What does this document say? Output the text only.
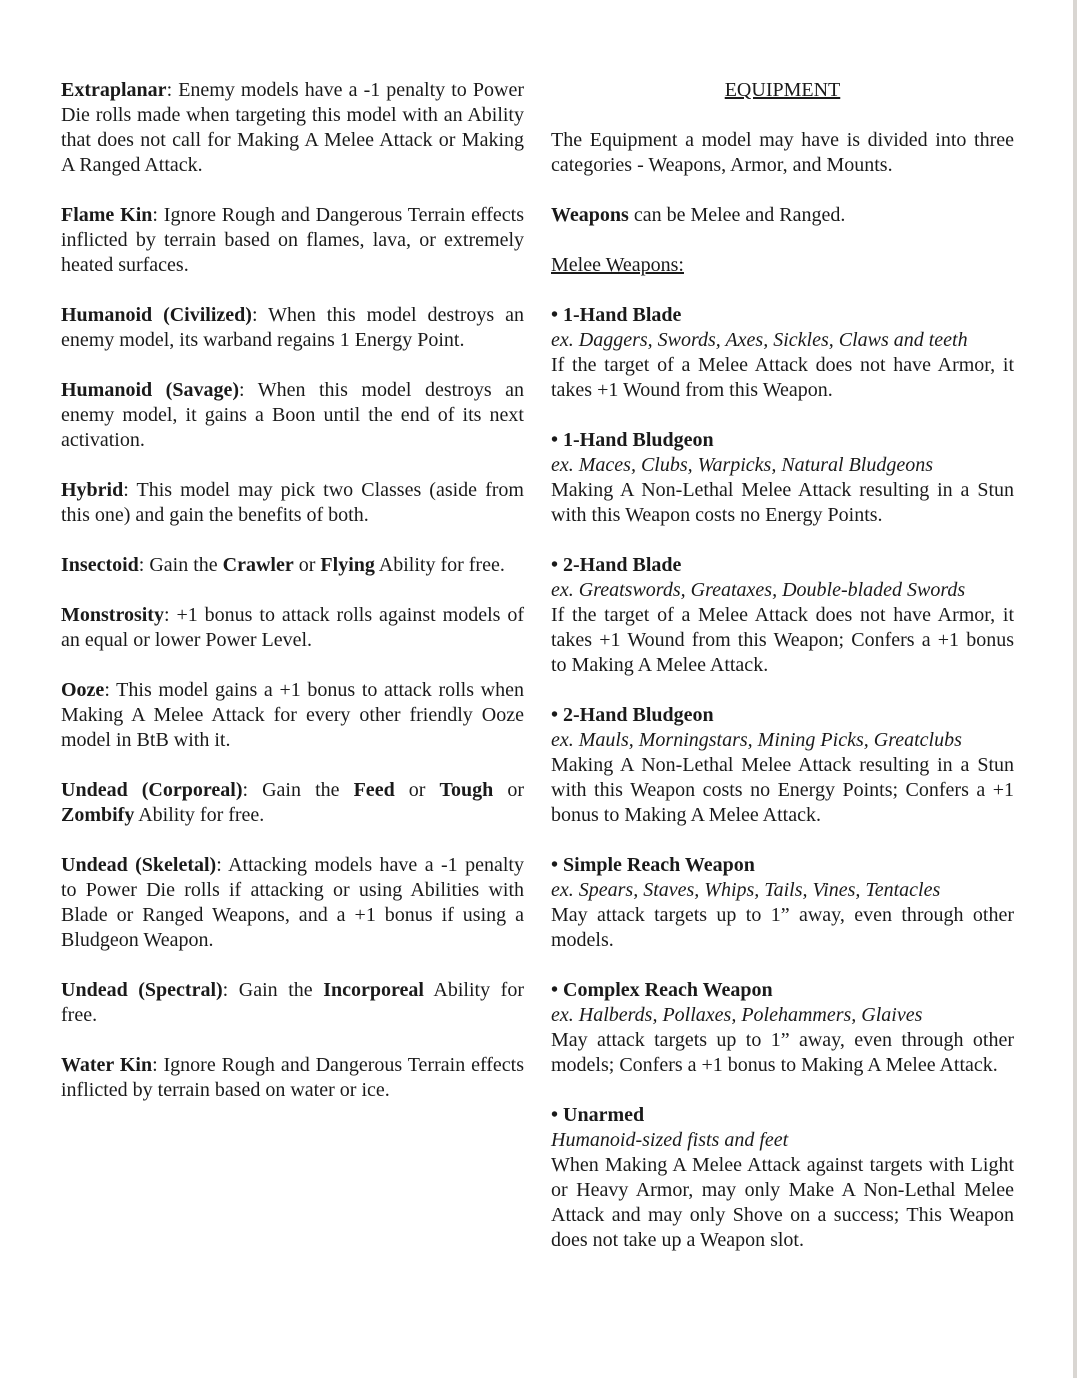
Extraplanar: Enemy models have a -1 penalty to Power Die rolls made when targeting this model with an Ability that does not call for Making A Melee Attack or Making A Ranged Attack.

Flame Kin: Ignore Rough and Dangerous Terrain effects inflicted by terrain based on flames, lava, or extremely heated surfaces.

Humanoid (Civilized): When this model destroys an enemy model, its warband regains 1 Energy Point.

Humanoid (Savage): When this model destroys an enemy model, it gains a Boon until the end of its next activation.

Hybrid: This model may pick two Classes (aside from this one) and gain the benefits of both.

Insectoid: Gain the Crawler or Flying Ability for free.

Monstrosity: +1 bonus to attack rolls against models of an equal or lower Power Level.

Ooze: This model gains a +1 bonus to attack rolls when Making A Melee Attack for every other friendly Ooze model in BtB with it.

Undead (Corporeal): Gain the Feed or Tough or Zombify Ability for free.

Undead (Skeletal): Attacking models have a -1 penalty to Power Die rolls if attacking or using Abilities with Blade or Ranged Weapons, and a +1 bonus if using a Bludgeon Weapon.

Undead (Spectral): Gain the Incorporeal Ability for free.

Water Kin: Ignore Rough and Dangerous Terrain effects inflicted by terrain based on water or ice.

EQUIPMENT

The Equipment a model may have is divided into three categories - Weapons, Armor, and Mounts.

Weapons can be Melee and Ranged.

Melee Weapons:
• 1-Hand Blade
ex. Daggers, Swords, Axes, Sickles, Claws and teeth
If the target of a Melee Attack does not have Armor, it takes +1 Wound from this Weapon.
• 1-Hand Bludgeon
ex. Maces, Clubs, Warpicks, Natural Bludgeons
Making A Non-Lethal Melee Attack resulting in a Stun with this Weapon costs no Energy Points.
• 2-Hand Blade
ex. Greatswords, Greataxes, Double-bladed Swords
If the target of a Melee Attack does not have Armor, it takes +1 Wound from this Weapon; Confers a +1 bonus to Making A Melee Attack.
• 2-Hand Bludgeon
ex. Mauls, Morningstars, Mining Picks, Greatclubs
Making A Non-Lethal Melee Attack resulting in a Stun with this Weapon costs no Energy Points; Confers a +1 bonus to Making A Melee Attack.
• Simple Reach Weapon
ex. Spears, Staves, Whips, Tails, Vines, Tentacles
May attack targets up to 1” away, even through other models.
• Complex Reach Weapon
ex. Halberds, Pollaxes, Polehammers, Glaives
May attack targets up to 1” away, even through other models; Confers a +1 bonus to Making A Melee Attack.
• Unarmed
Humanoid-sized fists and feet
When Making A Melee Attack against targets with Light or Heavy Armor, may only Make A Non-Lethal Melee Attack and may only Shove on a success; This Weapon does not take up a Weapon slot.
